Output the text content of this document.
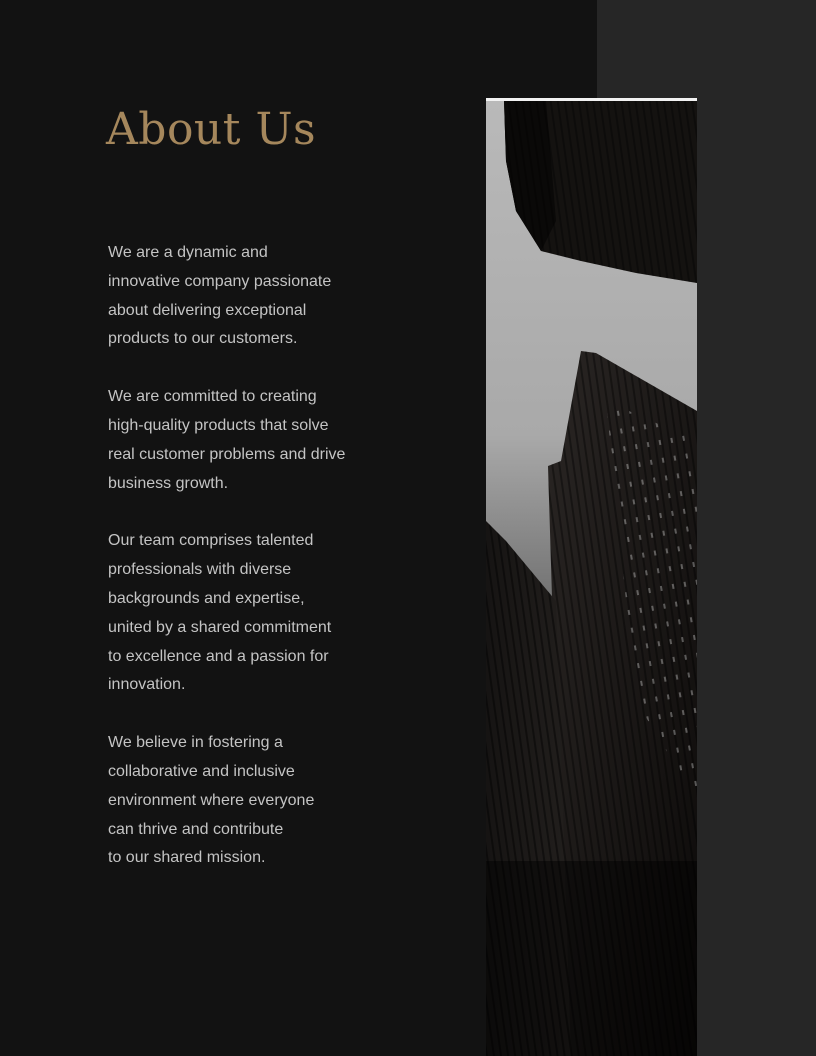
About Us

We are a dynamic and
innovative company passionate
about delivering exceptional
products to our customers.

We are committed to creating
high-quality products that solve
real customer problems and drive
business growth.

Our team comprises talented
professionals with diverse
backgrounds and expertise,
united by a shared commitment
to excellence and a passion for
innovation.

We believe in fostering a
collaborative and inclusive
environment where everyone
can thrive and contribute
to our shared mission.
